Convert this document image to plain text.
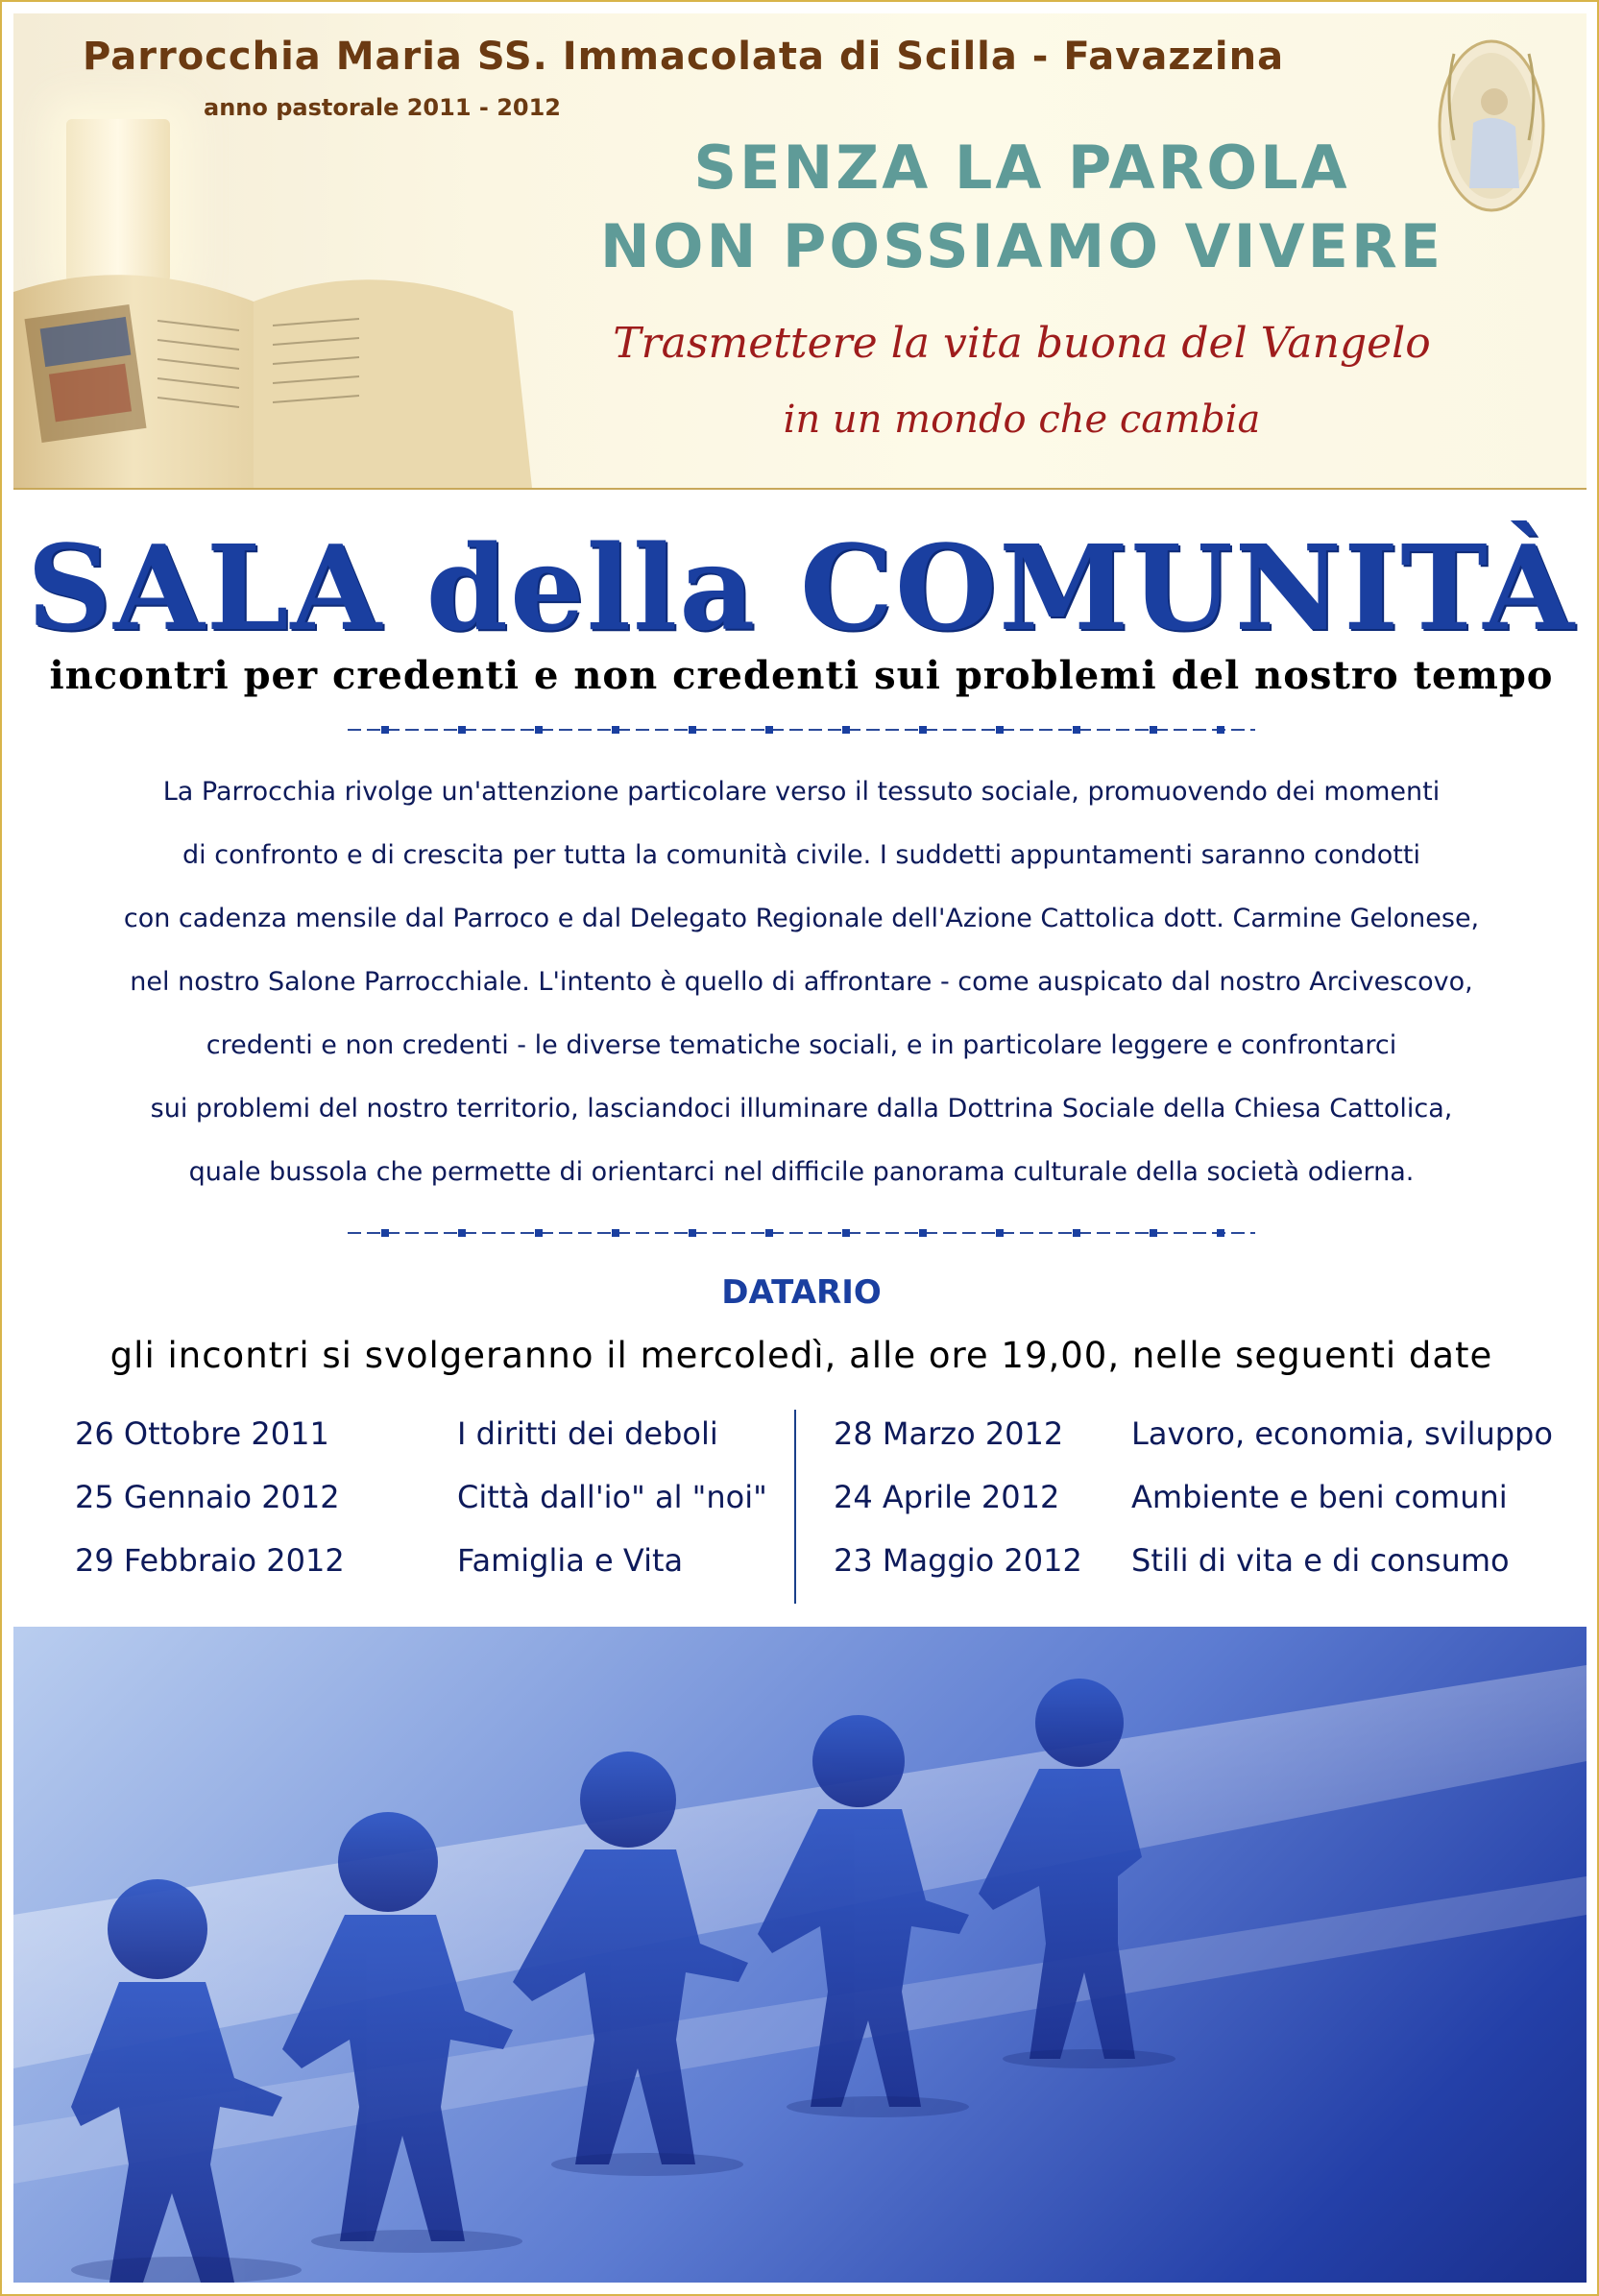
Parrocchia Maria SS. Immacolata di Scilla - Favazzina
anno pastorale 2011 - 2012
SENZA LA PAROLA
NON POSSIAMO VIVERE
Trasmettere la vita buona del Vangelo
in un mondo che cambia
SALA della COMUNITÀ
incontri per credenti e non credenti sui problemi del nostro tempo
La Parrocchia rivolge un'attenzione particolare verso il tessuto sociale, promuovendo dei momenti
di confronto e di crescita per tutta la comunità civile. I suddetti appuntamenti saranno condotti
con cadenza mensile dal Parroco e dal Delegato Regionale dell'Azione Cattolica dott. Carmine Gelonese,
nel nostro Salone Parrocchiale. L'intento è quello di affrontare - come auspicato dal nostro Arcivescovo,
credenti e non credenti - le diverse tematiche sociali, e in particolare leggere e confrontarci
sui problemi del nostro territorio, lasciandoci illuminare dalla Dottrina Sociale della Chiesa Cattolica,
quale bussola che permette di orientarci nel difficile panorama culturale della società odierna.
DATARIO
gli incontri si svolgeranno il mercoledì, alle ore 19,00, nelle seguenti date
26 Ottobre 2011	I diritti dei deboli
25 Gennaio 2012	Città dall'io" al "noi"
29 Febbraio 2012	Famiglia e Vita
28 Marzo 2012 Lavoro, economia, sviluppo
24 Aprile 2012 Ambiente e beni comuni
23 Maggio 2012 Stili di vita e di consumo
